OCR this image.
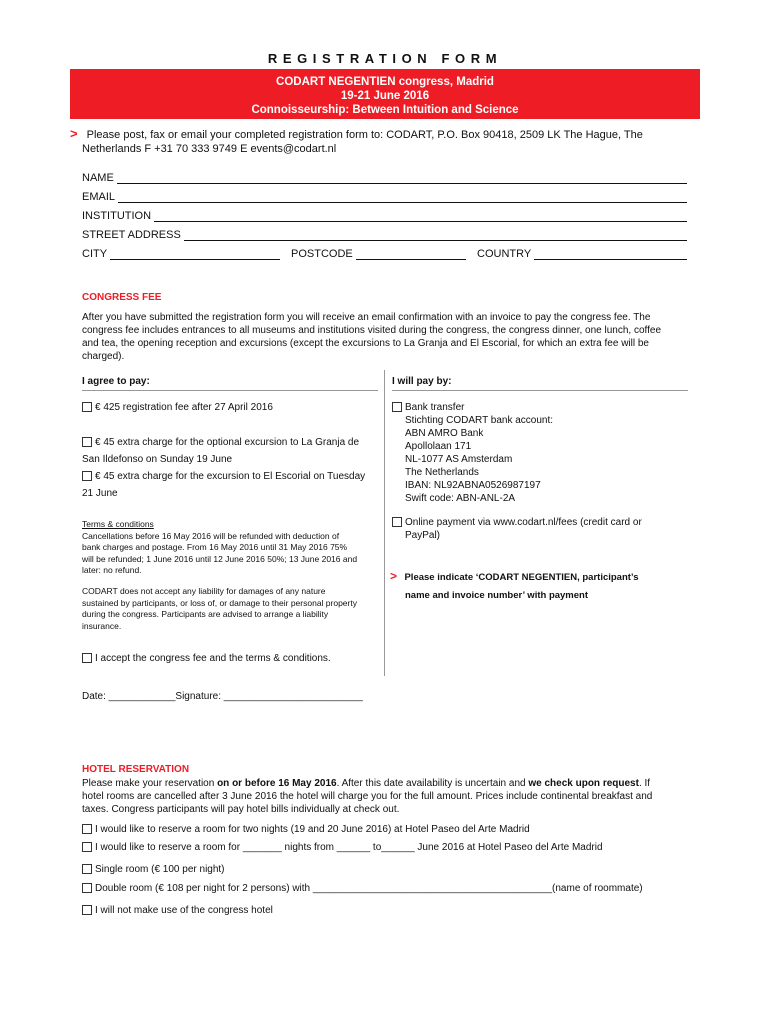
REGISTRATION FORM
CODART NEGENTIEN congress, Madrid
19-21 June 2016
Connoisseurship: Between Intuition and Science
> Please post, fax or email your completed registration form to: CODART, P.O. Box 90418, 2509 LK The Hague, The
Netherlands F +31 70 333 9749 E events@codart.nl
NAME
EMAIL
INSTITUTION
STREET ADDRESS
CITY	POSTCODE	COUNTRY
CONGRESS FEE
After you have submitted the registration form you will receive an email confirmation with an invoice to pay the congress fee. The
congress fee includes entrances to all museums and institutions visited during the congress, the congress dinner, one lunch, coffee
and tea, the opening reception and excursions (except the excursions to La Granja and El Escorial, for which an extra fee will be
charged).
I agree to pay:	I will pay by:
€ 425 registration fee after 27 April 2016
€ 45 extra charge for the optional excursion to La Granja de
San Ildefonso on Sunday 19 June
€ 45 extra charge for the excursion to El Escorial on Tuesday
21 June
Terms & conditions
Cancellations before 16 May 2016 will be refunded with deduction of
bank charges and postage. From 16 May 2016 until 31 May 2016 75%
will be refunded; 1 June 2016 until 12 June 2016 50%; 13 June 2016 and
later: no refund.
CODART does not accept any liability for damages of any nature
sustained by participants, or loss of, or damage to their personal property
during the congress. Participants are advised to arrange a liability
insurance.
I accept the congress fee and the terms & conditions.
Date: ____________Signature: _________________________
Bank transfer
Stichting CODART bank account:
ABN AMRO Bank
Apollolaan 171
NL-1077 AS Amsterdam
The Netherlands
IBAN: NL92ABNA0526987197
Swift code: ABN-ANL-2A
Online payment via www.codart.nl/fees (credit card or
PayPal)
> Please indicate ‘CODART NEGENTIEN, participant’s
name and invoice number’ with payment
HOTEL RESERVATION
Please make your reservation on or before 16 May 2016. After this date availability is uncertain and we check upon request. If
hotel rooms are cancelled after 3 June 2016 the hotel will charge you for the full amount. Prices include continental breakfast and
taxes. Congress participants will pay hotel bills individually at check out.
I would like to reserve a room for two nights (19 and 20 June 2016) at Hotel Paseo del Arte Madrid
I would like to reserve a room for _______ nights from ______ to______ June 2016 at Hotel Paseo del Arte Madrid
Single room (€ 100 per night)
Double room (€ 108 per night for 2 persons) with ___________________________________________(name of roommate)
I will not make use of the congress hotel
